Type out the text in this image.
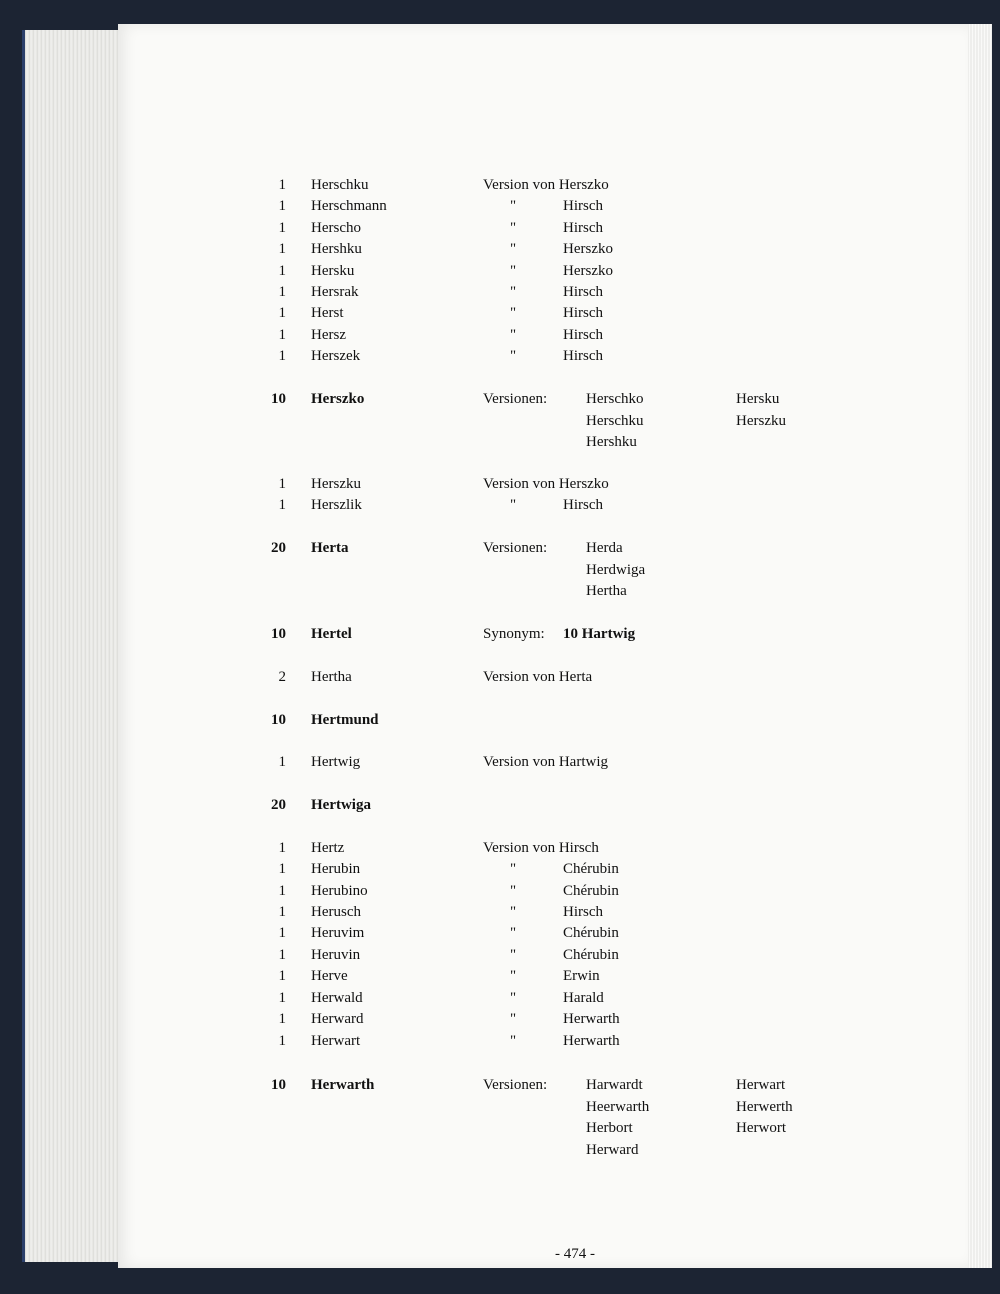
1 Herschku	Version von Herszko
1 Herschmann	"	Hirsch
1 Herscho	"	Hirsch
1 Hershku	"	Herszko
1 Hersku	"	Herszko
1 Hersrak	"	Hirsch
1 Herst	"	Hirsch
1 Hersz	"	Hirsch
1 Herszek	"	Hirsch
10 Herszko	Versionen:	Herschko	Hersku
Herschku	Herszku
Hershku
1 Herszku	Version von Herszko
1 Herszlik	"	Hirsch
20 Herta	Versionen:	Herda
Herdwiga
Hertha
10 Hertel	Synonym: 10 Hartwig
2 Hertha	Version von Herta
10 Hertmund
1 Hertwig	Version von Hartwig
20 Hertwiga
1 Hertz	Version von Hirsch
1 Herubin	"	Chérubin
1 Herubino	"	Chérubin
1 Herusch	"	Hirsch
1 Heruvim	"	Chérubin
1 Heruvin	"	Chérubin
1 Herve	"	Erwin
1 Herwald	"	Harald
1 Herward	"	Herwarth
1 Herwart	"	Herwarth
10 Herwarth	Versionen:	Harwardt	Herwart
Heerwarth	Herwerth
Herbort	Herwort
Herward
- 474 -
